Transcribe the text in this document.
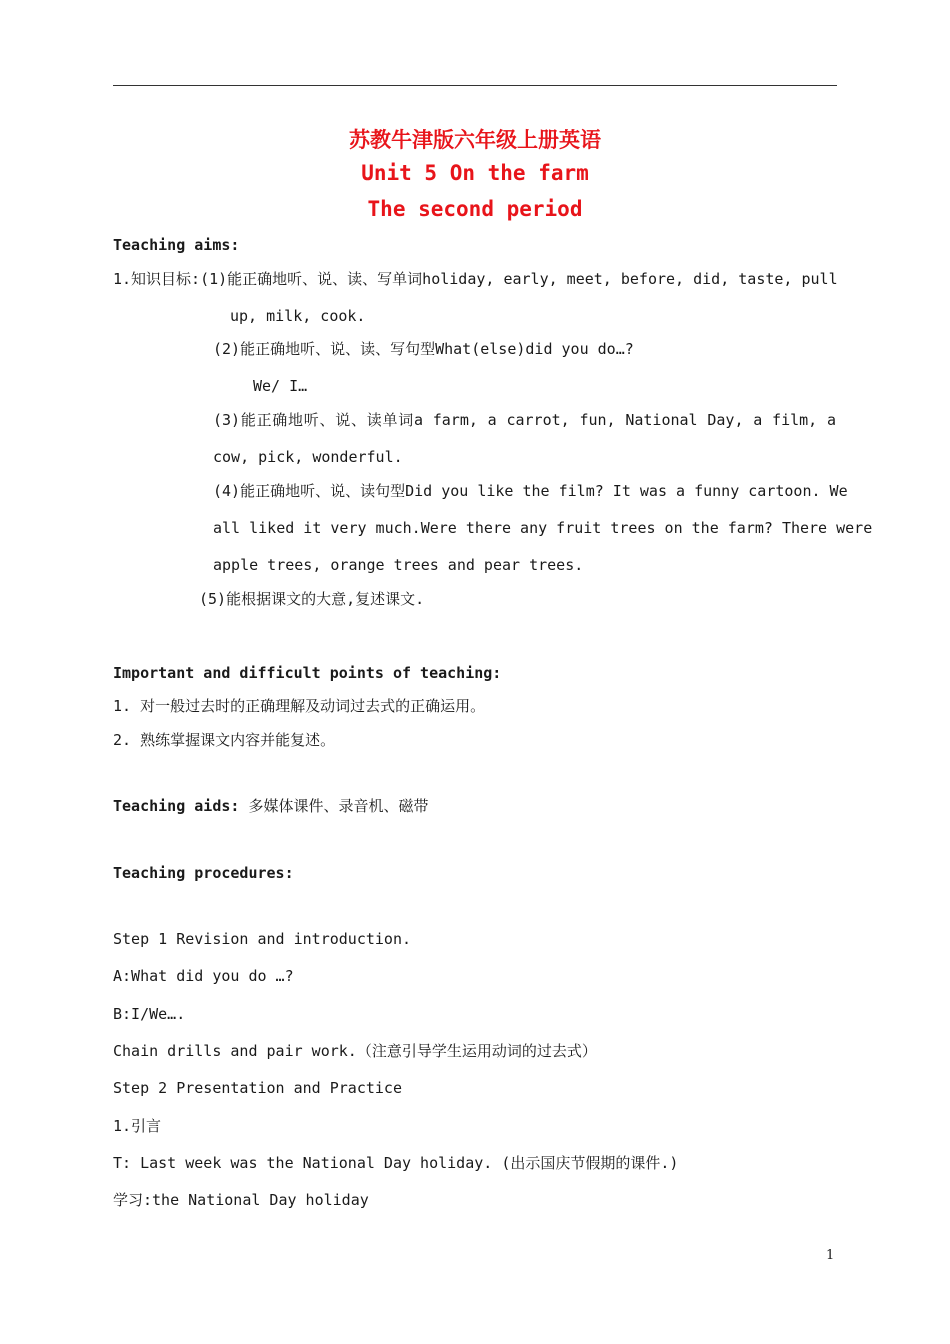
苏教牛津版六年级上册英语
Unit 5 On the farm
The second period
Teaching aims:
1.知识目标:(1)能正确地听、说、读、写单词holiday, early, meet, before, did, taste, pull
up, milk, cook.
(2)能正确地听、说、读、写句型What(else)did you do…?
We/ I…
(3)能正确地听、说、读单词a farm, a carrot, fun, National Day, a film, a
cow, pick, wonderful.
(4)能正确地听、说、读句型Did you like the film? It was a funny cartoon. We
all liked it very much.Were there any fruit trees on the farm? There were
apple trees, orange trees and pear trees.
(5)能根据课文的大意,复述课文.
Important and difficult points of teaching:
1. 对一般过去时的正确理解及动词过去式的正确运用。
2. 熟练掌握课文内容并能复述。
Teaching aids: 多媒体课件、录音机、磁带
Teaching procedures:
Step 1 Revision and introduction.
A:What did you do …?
B:I/We….
Chain drills and pair work.（注意引导学生运用动词的过去式）
Step 2 Presentation and Practice
1.引言
T: Last week was the National Day holiday. (出示国庆节假期的课件.)
学习:the National Day holiday
1
